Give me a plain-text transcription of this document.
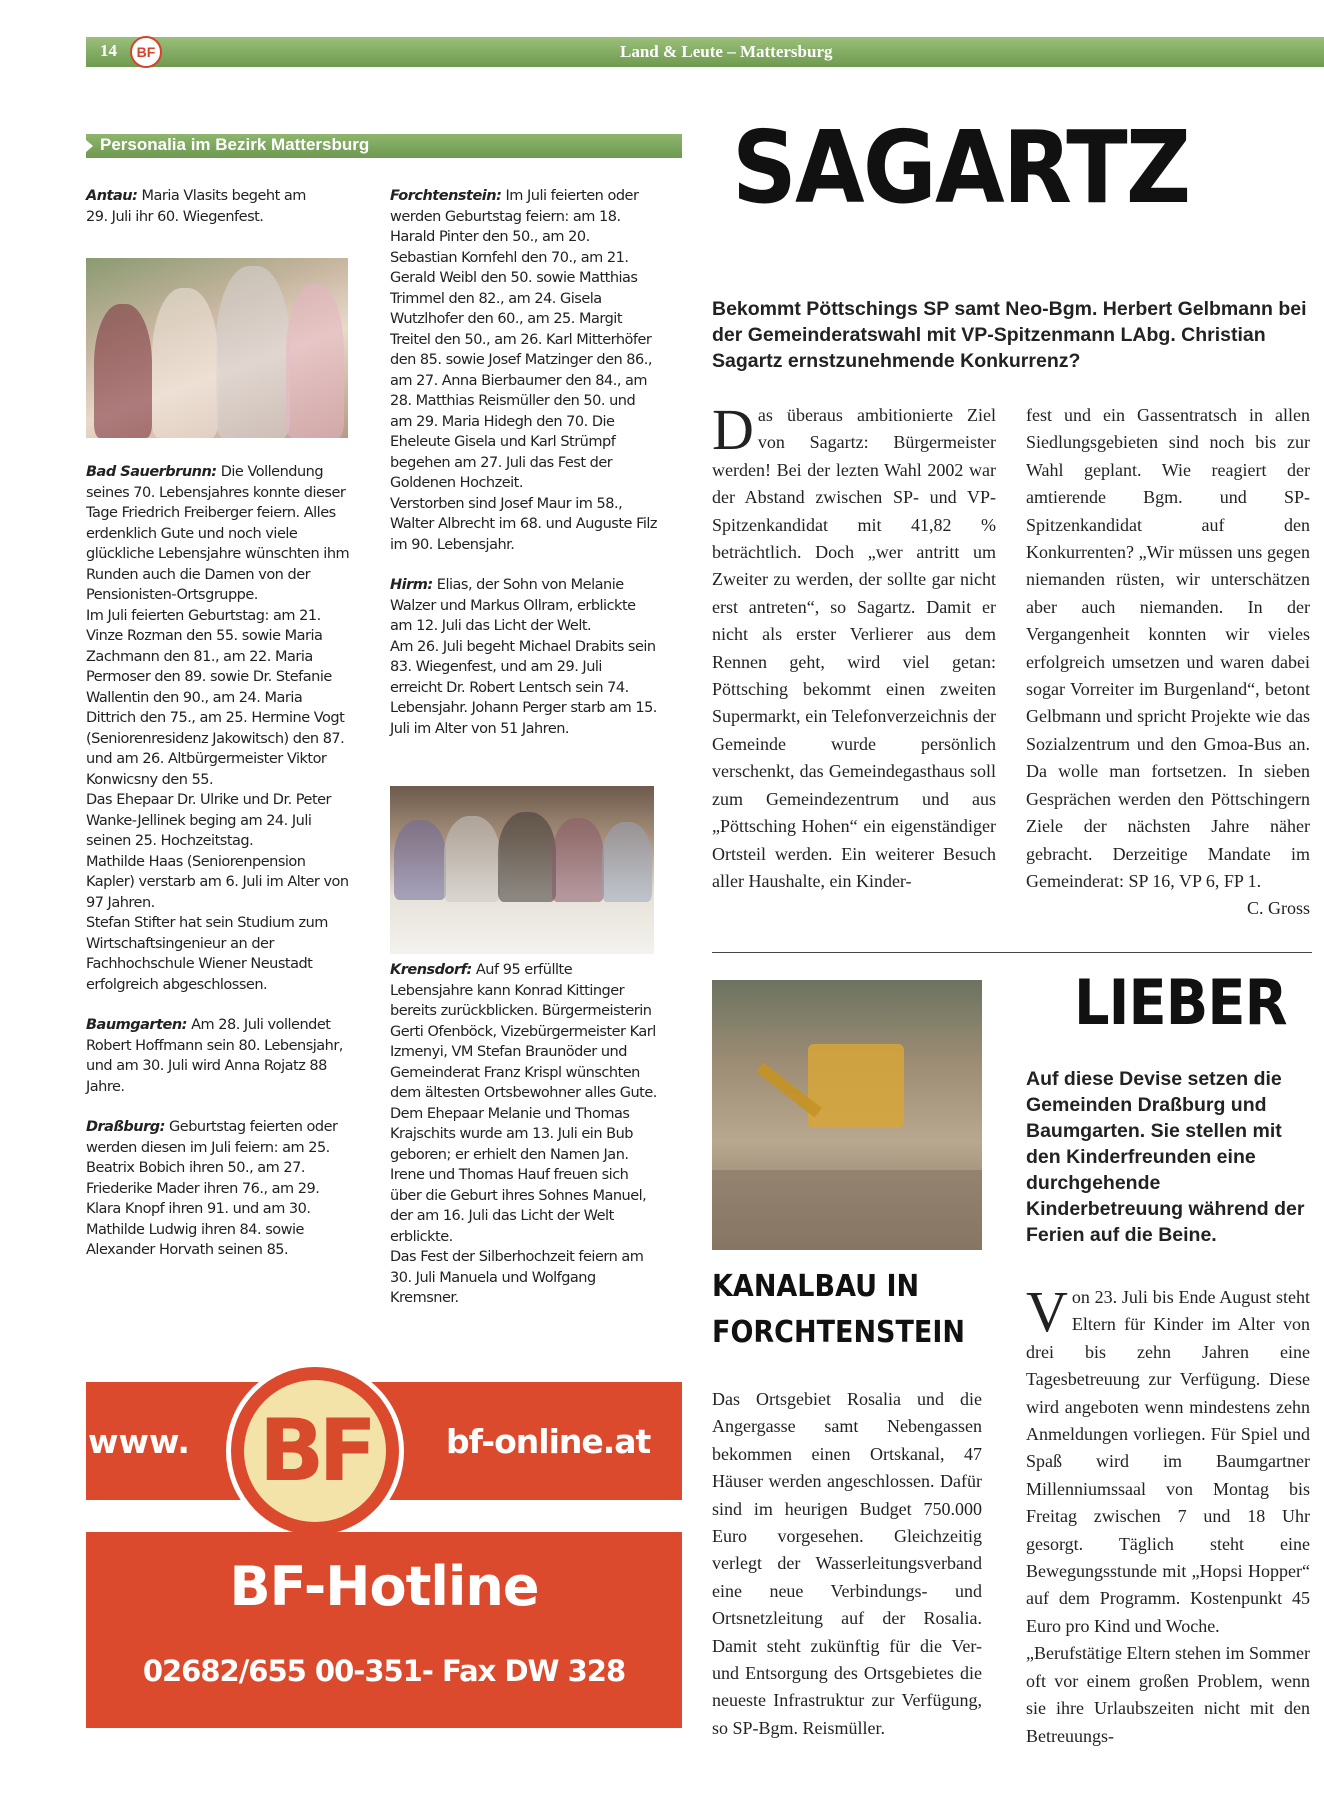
14 BF	Land & Leute – Mattersburg
Personalia im Bezirk Mattersburg
Antau: Maria Vlasits begeht am 29. Juli ihr 60. Wiegenfest.

Bad Sauerbrunn: Die Vollendung seines 70. Lebensjahres konnte dieser Tage Friedrich Freiberger feiern. Alles erdenklich Gute und noch viele glückliche Lebensjahre wünschten ihm Runden auch die Damen von der Pensionisten-Ortsgruppe.

Im Juli feierten Geburtstag: am 21. Vinze Rozman den 55. sowie Maria Zachmann den 81., am 22. Maria Permoser den 89. sowie Dr. Stefanie Wallentin den 90., am 24. Maria Dittrich den 75., am 25. Hermine Vogt (Seniorenresidenz Jakowitsch) den 87. und am 26. Altbürgermeister Viktor Konwicsny den 55.

Das Ehepaar Dr. Ulrike und Dr. Peter Wanke-Jellinek beging am 24. Juli seinen 25. Hochzeitstag.

Mathilde Haas (Seniorenpension Kapler) verstarb am 6. Juli im Alter von 97 Jahren.

Stefan Stifter hat sein Studium zum Wirtschaftsingenieur an der Fachhochschule Wiener Neustadt erfolgreich abgeschlossen.

Baumgarten: Am 28. Juli vollendet Robert Hoffmann sein 80. Lebensjahr, und am 30. Juli wird Anna Rojatz 88 Jahre.

Draßburg: Geburtstag feierten oder werden diesen im Juli feiern: am 25. Beatrix Bobich ihren 50., am 27. Friederike Mader ihren 76., am 29. Klara Knopf ihren 91. und am 30. Mathilde Ludwig ihren 84. sowie Alexander Horvath seinen 85.

Forchtenstein: Im Juli feierten oder werden Geburtstag feiern: am 18. Harald Pinter den 50., am 20. Sebastian Kornfehl den 70., am 21. Gerald Weibl den 50. sowie Matthias Trimmel den 82., am 24. Gisela Wutzlhofer den 60., am 25. Margit Treitel den 50., am 26. Karl Mitterhöfer den 85. sowie Josef Matzinger den 86., am 27. Anna Bierbaumer den 84., am 28. Matthias Reismüller den 50. und am 29. Maria Hidegh den 70. Die Eheleute Gisela und Karl Strümpf begehen am 27. Juli das Fest der Goldenen Hochzeit.

Verstorben sind Josef Maur im 58., Walter Albrecht im 68. und Auguste Filz im 90. Lebensjahr.

Hirm: Elias, der Sohn von Melanie Walzer und Markus Ollram, erblickte am 12. Juli das Licht der Welt.

Am 26. Juli begeht Michael Drabits sein 83. Wiegenfest, und am 29. Juli erreicht Dr. Robert Lentsch sein 74. Lebensjahr. Johann Perger starb am 15. Juli im Alter von 51 Jahren.

Krensdorf: Auf 95 erfüllte Lebensjahre kann Konrad Kittinger bereits zurückblicken. Bürgermeisterin Gerti Ofenböck, Vizebürgermeister Karl Izmenyi, VM Stefan Braunöder und Gemeinderat Franz Krispl wünschten dem ältesten Ortsbewohner alles Gute.

Dem Ehepaar Melanie und Thomas Krajschits wurde am 13. Juli ein Bub geboren; er erhielt den Namen Jan. Irene und Thomas Hauf freuen sich über die Geburt ihres Sohnes Manuel, der am 16. Juli das Licht der Welt erblickte.

Das Fest der Silberhochzeit feiern am 30. Juli Manuela und Wolfgang Kremsner.

www. BF bf-online.at
BF-Hotline
02682/655 00-351- Fax DW 328
SAGARTZ
Bekommt Pöttschings SP samt Neo-Bgm. Herbert Gelbmann bei der Gemeinderatswahl mit VP-Spitzenmann LAbg. Christian Sagartz ernstzunehmende Konkurrenz?
Das überaus ambitionierte Ziel von Sagartz: Bürgermeister werden! Bei der lezten Wahl 2002 war der Abstand zwischen SP- und VP-Spitzenkandidat mit 41,82 % beträchtlich. Doch „wer antritt um Zweiter zu werden, der sollte gar nicht erst antreten“, so Sagartz. Damit er nicht als erster Verlierer aus dem Rennen geht, wird viel getan: Pöttsching bekommt einen zweiten Supermarkt, ein Telefonverzeichnis der Gemeinde wurde persönlich verschenkt, das Gemeindegasthaus soll zum Gemeindezentrum und aus „Pöttsching Hohen“ ein eigenständiger Ortsteil werden. Ein weiterer Besuch aller Haushalte, ein Kinder-
fest und ein Gassentratsch in allen Siedlungsgebieten sind noch bis zur Wahl geplant. Wie reagiert der amtierende Bgm. und SP-Spitzenkandidat auf den Konkurrenten? „Wir müssen uns gegen niemanden rüsten, wir unterschätzen aber auch niemanden. In der Vergangenheit konnten wir vieles erfolgreich umsetzen und waren dabei sogar Vorreiter im Burgenland“, betont Gelbmann und spricht Projekte wie das Sozialzentrum und den Gmoa-Bus an. Da wolle man fortsetzen. In sieben Gesprächen werden den Pöttschingern Ziele der nächsten Jahre näher gebracht. Derzeitige Mandate im Gemeinderat: SP 16, VP 6, FP 1.
C. Gross
KANALBAU IN
FORCHTENSTEIN
Das Ortsgebiet Rosalia und die Angergasse samt Nebengassen bekommen einen Ortskanal, 47 Häuser werden angeschlossen. Dafür sind im heurigen Budget 750.000 Euro vorgesehen. Gleichzeitig verlegt der Wasserleitungsverband eine neue Verbindungs- und Ortsnetzleitung auf der Rosalia. Damit steht zukünftig für die Ver- und Entsorgung des Ortsgebietes die neueste Infrastruktur zur Verfügung, so SP-Bgm. Reismüller.
LIEBER
Auf diese Devise setzen die Gemeinden Draßburg und Baumgarten. Sie stellen mit den Kinderfreunden eine durchgehende Kinderbetreuung während der Ferien auf die Beine.

Von 23. Juli bis Ende August steht Eltern für Kinder im Alter von drei bis zehn Jahren eine Tagesbetreuung zur Verfügung. Diese wird angeboten wenn mindestens zehn Anmeldungen vorliegen. Für Spiel und Spaß wird im Baumgartner Millenniumssaal von Montag bis Freitag zwischen 7 und 18 Uhr gesorgt. Täglich steht eine Bewegungsstunde mit „Hopsi Hopper“ auf dem Programm. Kostenpunkt 45 Euro pro Kind und Woche.

„Berufstätige Eltern stehen im Sommer oft vor einem großen Problem, wenn sie ihre Urlaubszeiten nicht mit den Betreuungs-
